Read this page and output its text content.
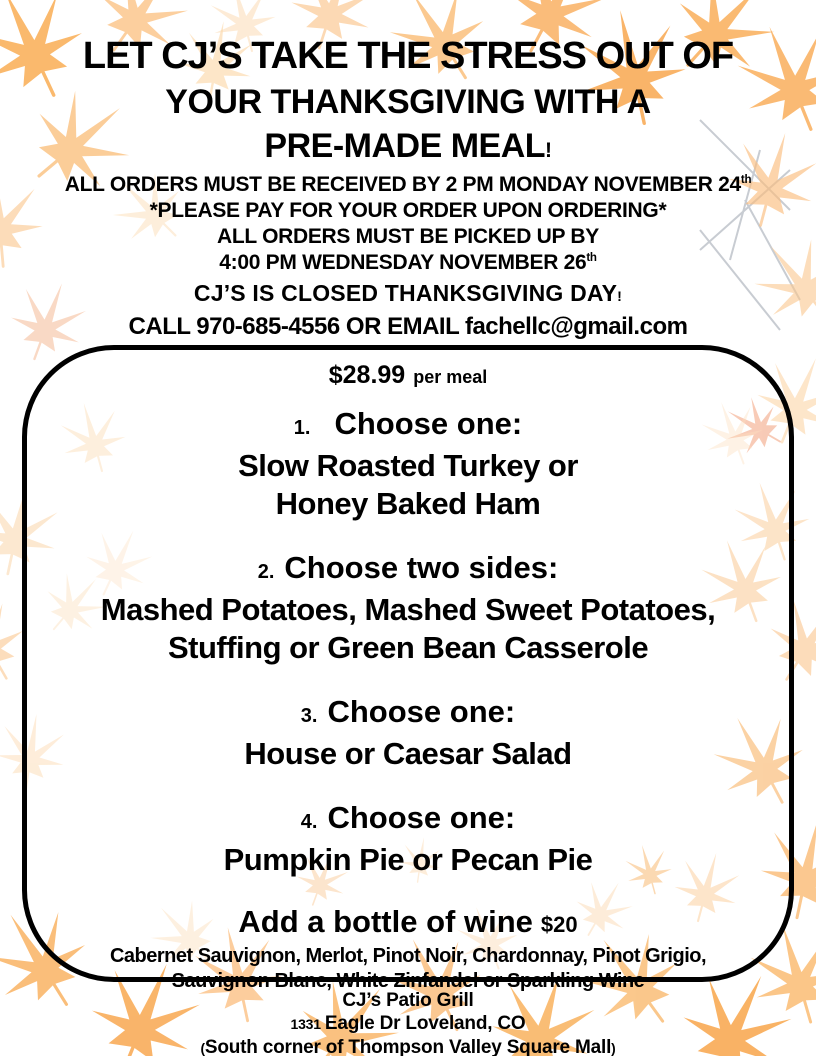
LET CJ’S TAKE THE STRESS OUT OF
YOUR THANKSGIVING WITH A
PRE-MADE MEAL!
ALL ORDERS MUST BE RECEIVED BY 2 PM MONDAY NOVEMBER 24th
*PLEASE PAY FOR YOUR ORDER UPON ORDERING*
ALL ORDERS MUST BE PICKED UP BY
4:00 PM WEDNESDAY NOVEMBER 26th
CJ’S IS CLOSED THANKSGIVING DAY!
CALL 970-685-4556 OR EMAIL fachellc@gmail.com
$28.99 per meal
1. Choose one:
Slow Roasted Turkey or
Honey Baked Ham
2. Choose two sides:
Mashed Potatoes, Mashed Sweet Potatoes,
Stuffing or Green Bean Casserole
3. Choose one:
House or Caesar Salad
4. Choose one:
Pumpkin Pie or Pecan Pie
Add a bottle of wine $20
Cabernet Sauvignon, Merlot, Pinot Noir, Chardonnay, Pinot Grigio,
Sauvignon Blanc, White Zinfandel or Sparkling Wine
CJ’s Patio Grill
1331 Eagle Dr Loveland, CO
(South corner of Thompson Valley Square Mall)
